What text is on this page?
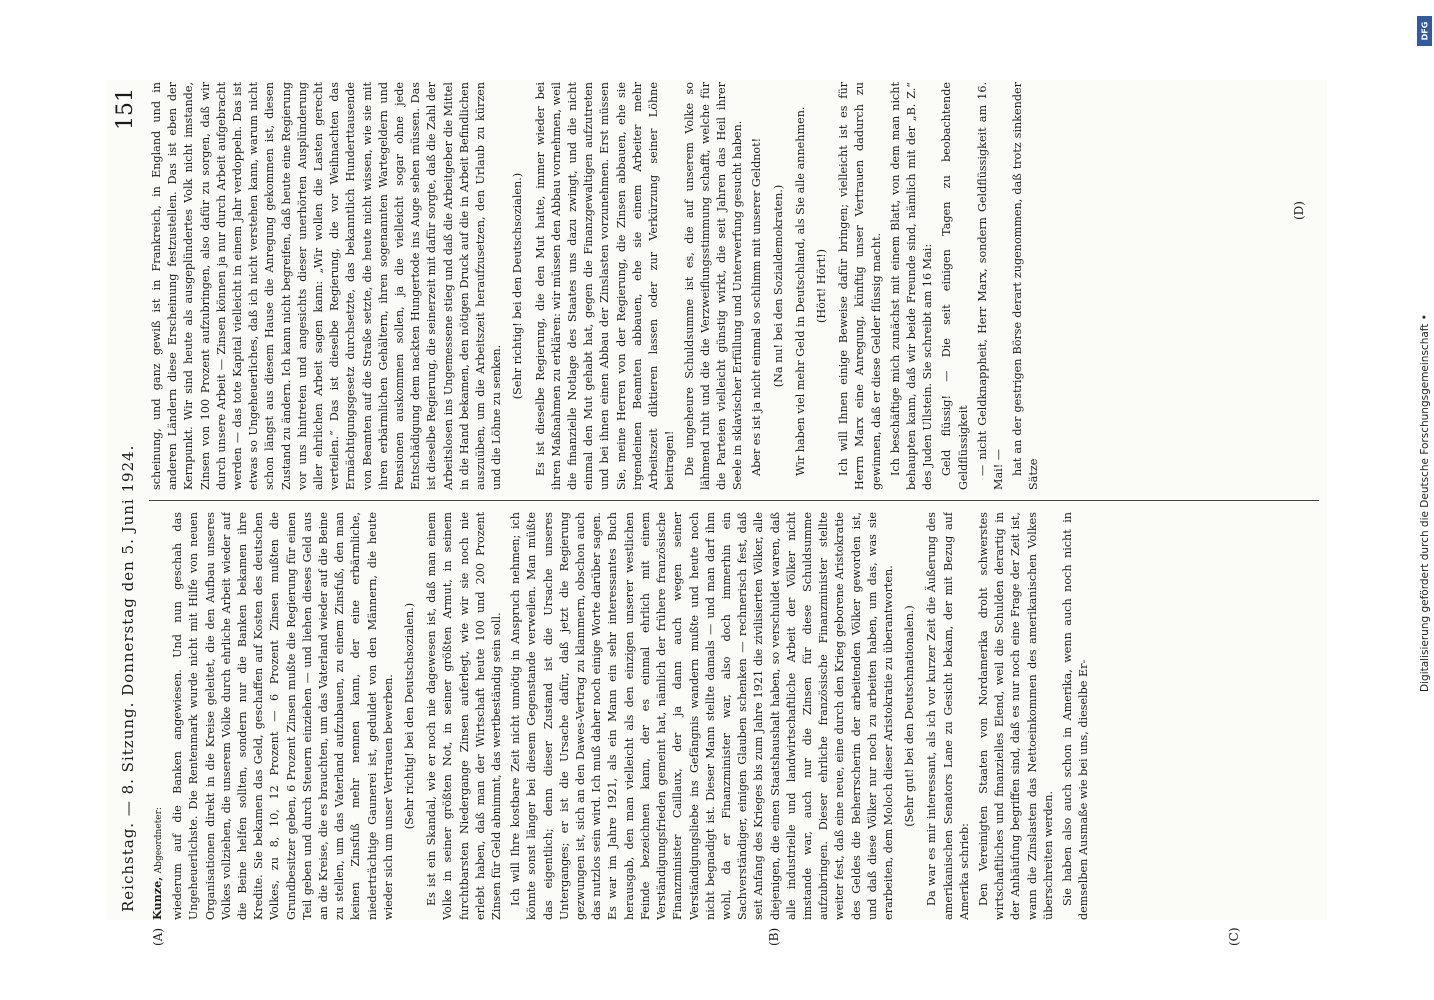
Reichstag. — 8. Sitzung. Donnerstag den 5. Juni 1924.
151

Kunze, Abgeordneter: wiederum auf die Banken angewiesen. Und nun geschah das Ungeheuerlichste. Die Rentenmark wurde nicht mit Hilfe von neuen Organisationen direkt in die Kreise geleitet, die den Aufbau unseres Volkes vollziehen, die unserem Volke durch ehrliche Arbeit wieder auf die Beine helfen sollten, sondern nur die Banken bekamen ihre Kredite. Sie bekamen das Geld, geschaffen auf Kosten des deutschen Volkes, zu 8, 10, 12 Prozent — 6 Prozent Zinsen mußten die Grundbesitzer geben, 6 Prozent Zinsen mußte die Regierung für einen Teil geben und durch Steuern einziehen — und liehen dieses Geld aus an die Kreise, die es brauchten, um das Vaterland wieder auf die Beine zu stellen, um das Vaterland aufzubauen, zu einem Zinsfuß, den man keinen Zinsfuß mehr nennen kann, der eine erbärmliche, niederträchtige Gaunerei ist, geduldet von den Männern, die heute wieder sich um unser Vertrauen bewerben. (Sehr richtig! bei den Deutschsozialen.) Es ist ein Skandal, wie er noch nie dagewesen ist, daß man einem Volke in seiner größten Not, in seiner größten Armut, in seinem furchtbarsten Niedergange Zinsen auferlegt, wie wir sie noch nie erlebt haben, daß man der Wirtschaft heute 100 und 200 Prozent Zinsen für Geld abnimmt, das wertbeständig sein soll. Ich will Ihre kostbare Zeit nicht unnötig in Anspruch nehmen; ich könnte sonst länger bei diesem Gegenstande verweilen. Man müßte das eigentlich; denn dieser Zustand ist die Ursache unseres Unterganges; er ist die Ursache dafür, daß jetzt die Regierung gezwungen ist, sich an den Dawes-Vertrag zu klammern, obschon auch das nutzlos sein wird. Ich muß daher noch einige Worte darüber sagen. Es war im Jahre 1921, als ein Mann ein sehr interessantes Buch herausgab, den man vielleicht als den einzigen unserer westlichen Feinde bezeichnen kann, der es einmal ehrlich mit einem Verständigungsfrieden gemeint hat, nämlich der frühere französische Finanzminister Caillaux, der ja dann auch wegen seiner Verständigungsliebe ins Gefängnis wandern mußte und heute noch nicht begnadigt ist. Dieser Mann stellte damals — und man darf ihm wohl, da er Finanzminister war, also doch immerhin ein Sachverständiger, einigen Glauben schenken — rechnerisch fest, daß seit Anfang des Krieges bis zum Jahre 1921 die zivilisierten Völker, alle diejenigen, die einen Staatshaushalt haben, so verschuldet waren, daß alle industrielle und landwirtschaftliche Arbeit der Völker nicht imstande war, auch nur die Zinsen für diese Schuldsumme aufzubringen. Dieser ehrliche französische Finanzminister stellte weiter fest, daß eine neue, eine durch den Krieg geborene Aristokratie des Geldes die Beherrscherin der arbeitenden Völker geworden ist, und daß diese Völker nur noch zu arbeiten haben, um das, was sie erarbeiten, dem Moloch dieser Aristokratie zu überantworten. (Sehr gut! bei den Deutschnationalen.) Da war es mir interessant, als ich vor kurzer Zeit die Äußerung des amerikanischen Senators Lane zu Gesicht bekam, der mit Bezug auf Amerika schrieb: Den Vereinigten Staaten von Nordamerika droht schwerstes wirtschaftliches und finanzielles Elend, weil die Schulden derartig in der Anhäufung begriffen sind, daß es nur noch eine Frage der Zeit ist, wann die Zinslasten das Nettoeinkommen des amerikanischen Volkes überschreiten werden. Sie haben also auch schon in Amerika, wenn auch noch nicht in demselben Ausmaße wie bei uns, dieselbe Er-

scheinung, und ganz gewiß ist in Frankreich, in England und in anderen Ländern diese Erscheinung festzustellen. Das ist eben der Kernpunkt. Wir sind heute als ausgeplündertes Volk nicht imstande, Zinsen von 100 Prozent aufzubringen, also dafür zu sorgen, daß wir durch unsere Arbeit — Zinsen können ja nur durch Arbeit aufgebracht werden — das tote Kapital vielleicht in einem Jahr verdoppeln. Das ist etwas so Ungeheuerliches, daß ich nicht verstehen kann, warum nicht schon längst aus diesem Hause die Anregung gekommen ist, diesen Zustand zu ändern. Ich kann nicht begreifen, daß heute eine Regierung vor uns hintreten und angesichts dieser unerhörten Ausplünderung aller ehrlichen Arbeit sagen kann: „Wir wollen die Lasten gerecht verteilen.“ Das ist dieselbe Regierung, die vor Weihnachten das Ermächtigungsgesetz durchsetzte, das bekanntlich Hunderttausende von Beamten auf die Straße setzte, die heute nicht wissen, wie sie mit ihren erbärmlichen Gehältern, ihren sogenannten Wartegeldern und Pensionen auskommen sollen, ja die vielleicht sogar ohne jede Entschädigung dem nackten Hungertode ins Auge sehen müssen. Das ist dieselbe Regierung, die seinerzeit mit dafür sorgte, daß die Zahl der Arbeitslosen ins Ungemessene stieg und daß die Arbeitgeber die Mittel in die Hand bekamen, den nötigen Druck auf die in Arbeit Befindlichen auszuüben, um die Arbeitszeit heraufzusetzen, den Urlaub zu kürzen und die Löhne zu senken.

(Sehr richtig! bei den Deutschsozialen.) Es ist dieselbe Regierung, die den Mut hatte, immer wieder bei ihren Maßnahmen zu erklären: wir müssen den Abbau vornehmen, weil die finanzielle Notlage des Staates uns dazu zwingt, und die nicht einmal den Mut gehabt hat, gegen die Finanzgewaltigen aufzutreten und bei ihnen einen Abbau der Zinslasten vorzunehmen. Erst müssen Sie, meine Herren von der Regierung, die Zinsen abbauen, ehe sie irgendeinen Beamten abbauen, ehe sie einem Arbeiter mehr Arbeitszeit diktieren lassen oder zur Verkürzung seiner Löhne beitragen! Die ungeheure Schuldsumme ist es, die auf unserem Volke so lähmend ruht und die die Verzweiflungsstimmung schafft, welche für die Parteien vielleicht günstig wirkt, die seit Jahren das Heil ihrer Seele in sklavischer Erfüllung und Unterwerfung gesucht haben. Aber es ist ja nicht einmal so schlimm mit unserer Geldnot! (Na nu! bei den Sozialdemokraten.) Wir haben viel mehr Geld in Deutschland, als Sie alle annehmen. (Hört! Hört!) Ich will Ihnen einige Beweise dafür bringen; vielleicht ist es für Herrn Marx eine Anregung, künftig unser Vertrauen dadurch zu gewinnen, daß er diese Gelder flüssig macht. Ich beschäftige mich zunächst mit einem Blatt, von dem man nicht behaupten kann, daß wir beide Freunde sind, nämlich mit der „B. Z.“ des Juden Ullstein. Sie schreibt am 16 Mai: Geld flüssig! — Die seit einigen Tagen zu beobachtende Geldflüssigkeit — nicht Geldknappheit, Herr Marx, sondern Geldflüssigkeit am 16. Mai! — hat an der gestrigen Börse derart zugenommen, daß trotz sinkender Sätze

(A)	(B)	(C)
(D)
DFG
Digitalisierung gefördert durch die Deutsche Forschungsgemeinschaft •
